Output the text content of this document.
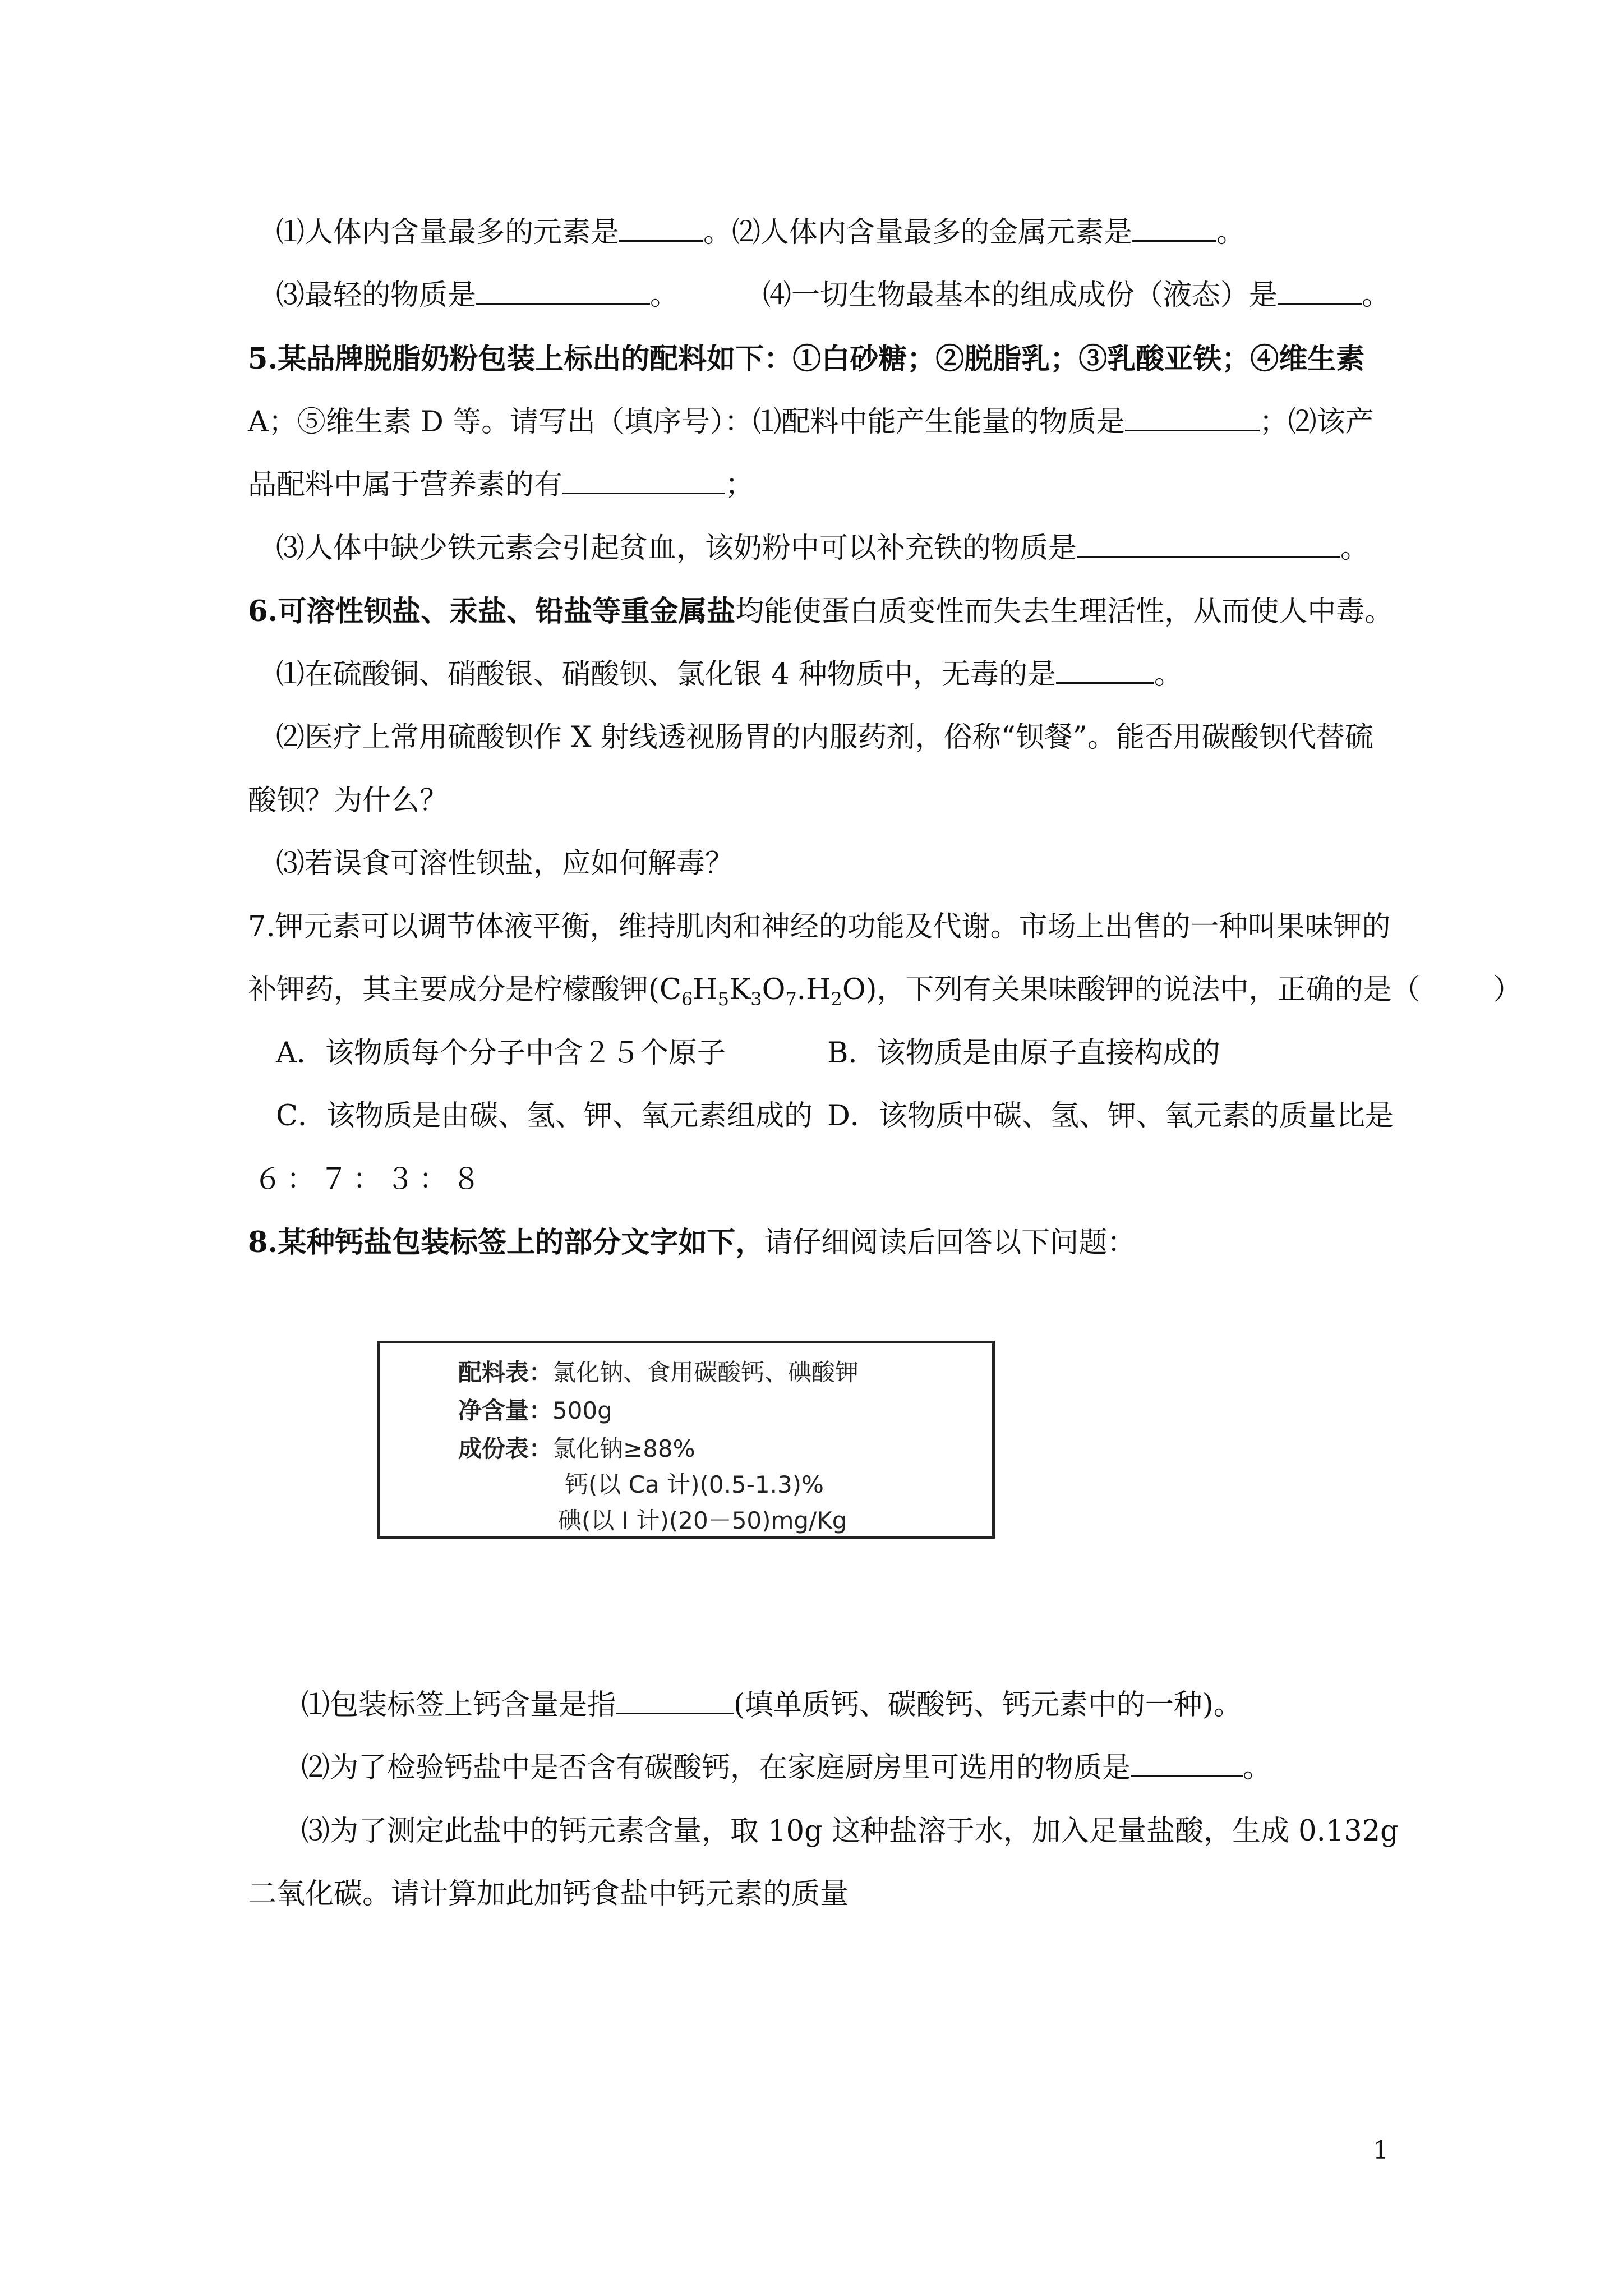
⑴人体内含量最多的元素是	。⑵人体内含量最多的金属元素是	。
⑶最轻的物质是	。	⑷一切生物最基本的组成成份（液态）是	。
5.某品牌脱脂奶粉包装上标出的配料如下：①白砂糖；②脱脂乳；③乳酸亚铁；④维生素
A；⑤维生素 D 等。请写出（填序号）：⑴配料中能产生能量的物质是	；⑵该产
品配料中属于营养素的有	；
⑶人体中缺少铁元素会引起贫血，该奶粉中可以补充铁的物质是	。
6.可溶性钡盐、汞盐、铅盐等重金属盐均能使蛋白质变性而失去生理活性，从而使人中毒。
⑴在硫酸铜、硝酸银、硝酸钡、氯化银 4 种物质中，无毒的是	。
⑵医疗上常用硫酸钡作 X 射线透视肠胃的内服药剂，俗称“钡餐”。能否用碳酸钡代替硫
酸钡？为什么？
⑶若误食可溶性钡盐，应如何解毒？
7.钾元素可以调节体液平衡，维持肌肉和神经的功能及代谢。市场上出售的一种叫果味钾的
补钾药，其主要成分是柠檬酸钾$(C_6H_5K_3O_7.H_2O)$，下列有关果味酸钾的说法中，正确的是（	）
A．该物质每个分子中含２５个原子	B．该物质是由原子直接构成的
C．该物质是由碳、氢、钾、氧元素组成的 D．该物质中碳、氢、钾、氧元素的质量比是
６：７：３：８
8.某种钙盐包装标签上的部分文字如下，请仔细阅读后回答以下问题：
配料表：氯化钠、食用碳酸钙、碘酸钾
净含量：500g
成份表：氯化钠≥88%
钙(以 Ca 计)(0.5-1.3)%
碘(以 I 计)(20－50)mg/Kg
⑴包装标签上钙含量是指	(填单质钙、碳酸钙、钙元素中的一种)。
⑵为了检验钙盐中是否含有碳酸钙，在家庭厨房里可选用的物质是	。
⑶为了测定此盐中的钙元素含量，取 10g 这种盐溶于水，加入足量盐酸，生成 0.132g
二氧化碳。请计算加此加钙食盐中钙元素的质量
1
